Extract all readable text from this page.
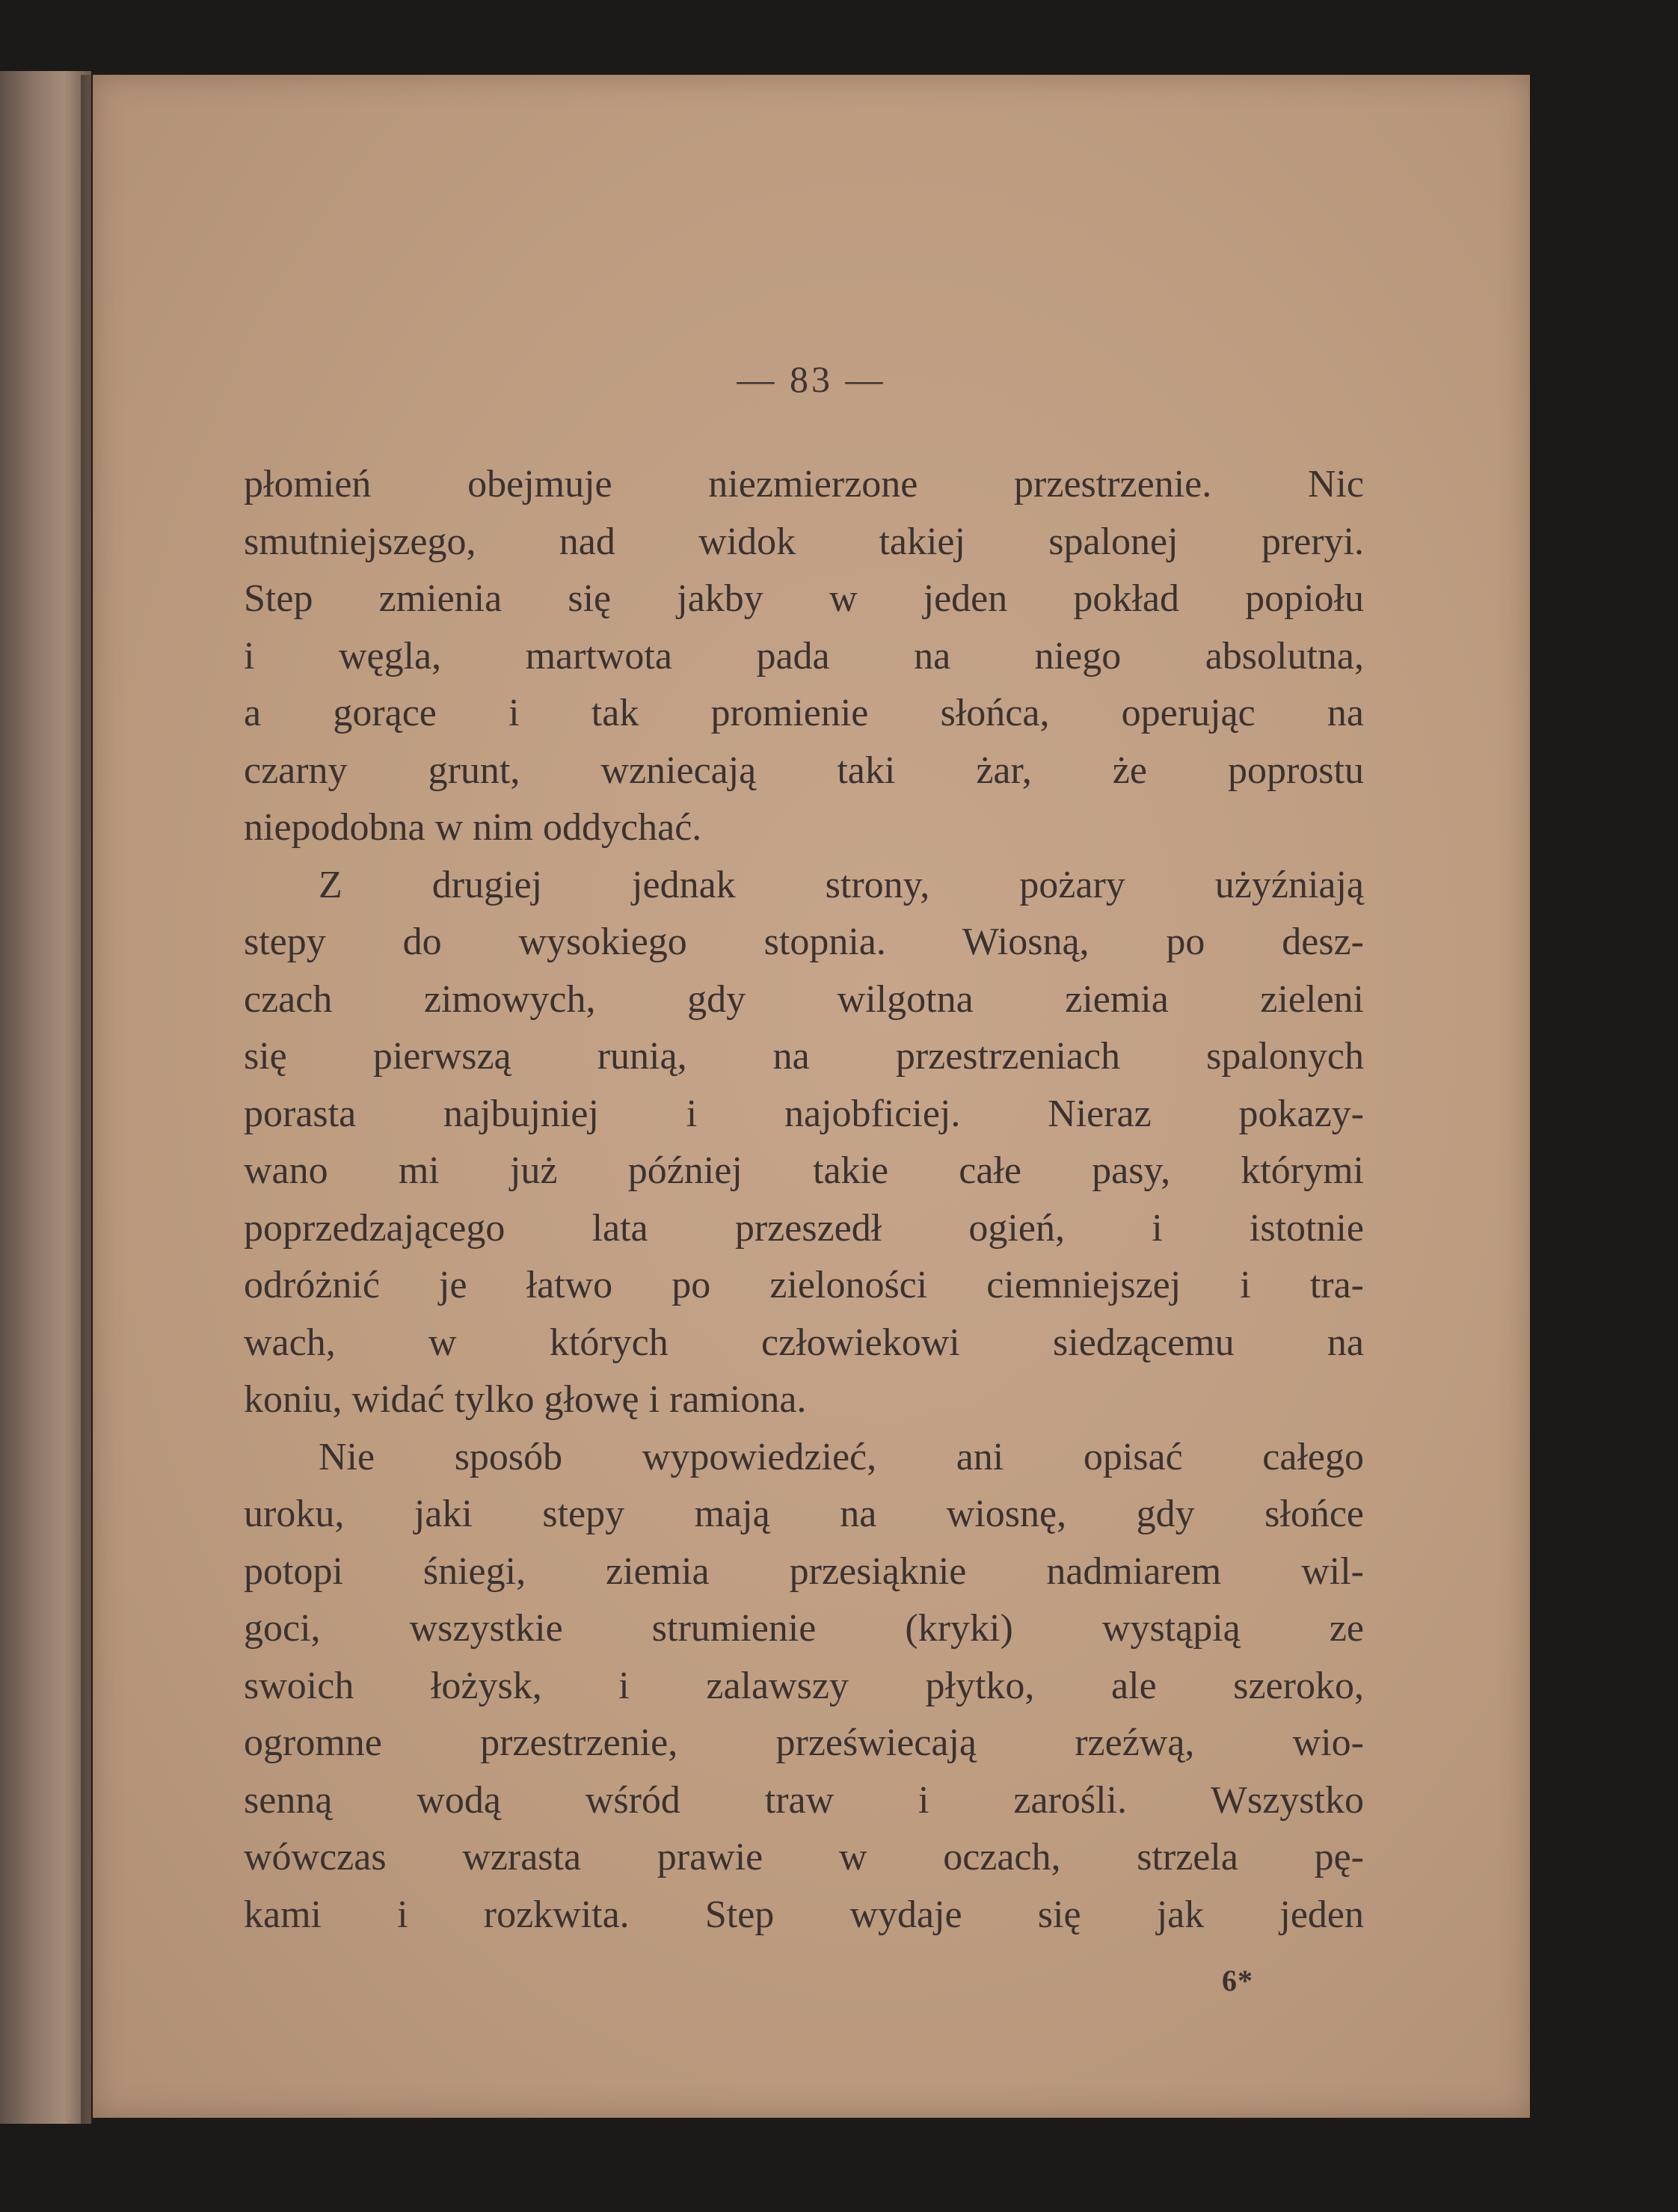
— 83 —
płomień obejmuje niezmierzone przestrzenie. Nic
smutniejszego, nad widok takiej spalonej preryi.
Step zmienia się jakby w jeden pokład popiołu
i węgla, martwota pada na niego absolutna,
a gorące i tak promienie słońca, operując na
czarny grunt, wzniecają taki żar, że poprostu
niepodobna w nim oddychać.
Z drugiej jednak strony, pożary użyźniają
stepy do wysokiego stopnia. Wiosną, po desz-
czach zimowych, gdy wilgotna ziemia zieleni
się pierwszą runią, na przestrzeniach spalonych
porasta najbujniej i najobficiej. Nieraz pokazy-
wano mi już później takie całe pasy, którymi
poprzedzającego lata przeszedł ogień, i istotnie
odróżnić je łatwo po zieloności ciemniejszej i tra-
wach, w których człowiekowi siedzącemu na
koniu, widać tylko głowę i ramiona.
Nie sposób wypowiedzieć, ani opisać całego
uroku, jaki stepy mają na wiosnę, gdy słońce
potopi śniegi, ziemia przesiąknie nadmiarem wil-
goci, wszystkie strumienie (kryki) wystąpią ze
swoich łożysk, i zalawszy płytko, ale szeroko,
ogromne przestrzenie, przeświecają rzeźwą, wio-
senną wodą wśród traw i zarośli. Wszystko
wówczas wzrasta prawie w oczach, strzela pę-
kami i rozkwita. Step wydaje się jak jeden
6*
